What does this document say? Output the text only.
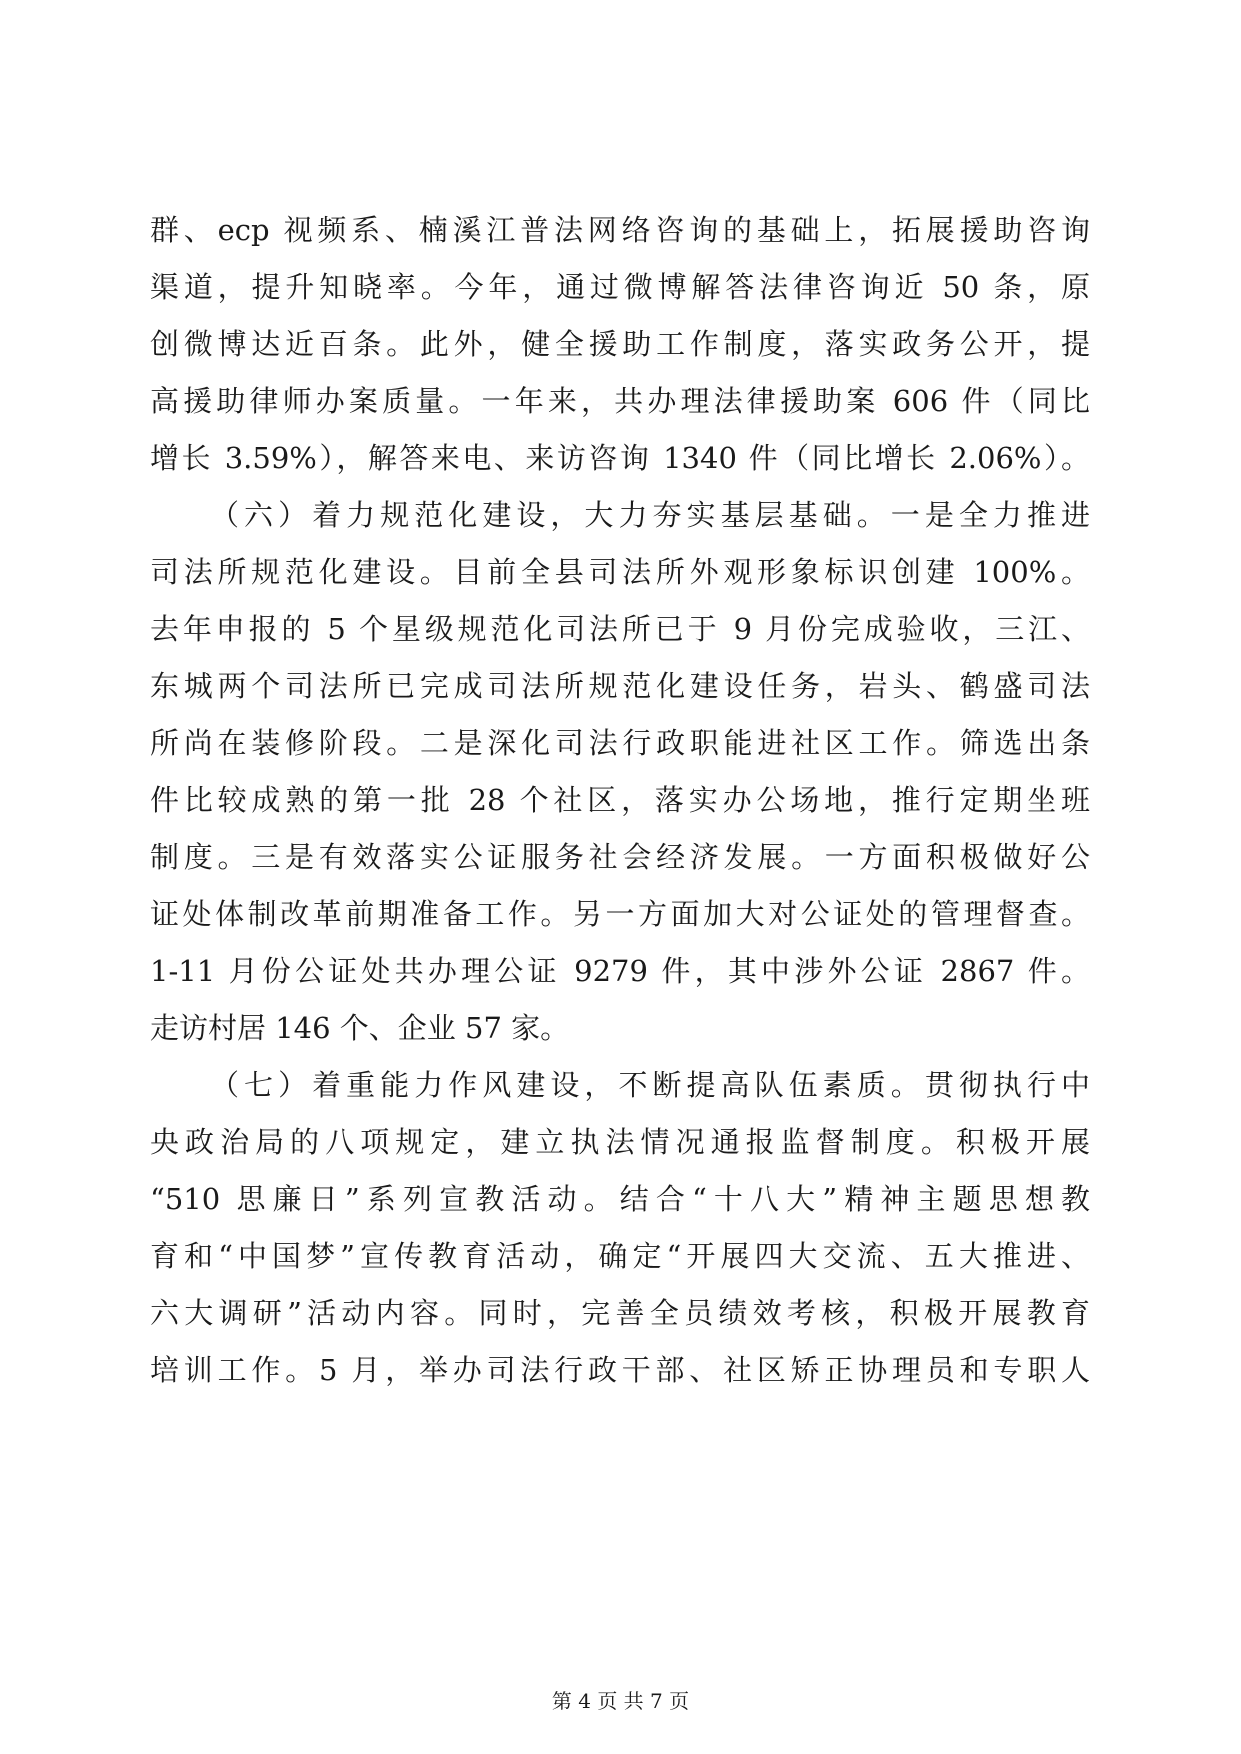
群、ecp 视频系、楠溪江普法网络咨询的基础上，拓展援助咨询
渠道，提升知晓率。今年，通过微博解答法律咨询近 50 条，原
创微博达近百条。此外，健全援助工作制度，落实政务公开，提
高援助律师办案质量。一年来，共办理法律援助案 606 件（同比
增长 3.59%），解答来电、来访咨询 1340 件（同比增长 2.06%）。
（六）着力规范化建设，大力夯实基层基础。一是全力推进
司法所规范化建设。目前全县司法所外观形象标识创建 100%。
去年申报的 5 个星级规范化司法所已于 9 月份完成验收，三江、
东城两个司法所已完成司法所规范化建设任务，岩头、鹤盛司法
所尚在装修阶段。二是深化司法行政职能进社区工作。筛选出条
件比较成熟的第一批 28 个社区，落实办公场地，推行定期坐班
制度。三是有效落实公证服务社会经济发展。一方面积极做好公
证处体制改革前期准备工作。另一方面加大对公证处的管理督查。
1-11 月份公证处共办理公证 9279 件，其中涉外公证 2867 件。
走访村居 146 个、企业 57 家。
（七）着重能力作风建设，不断提高队伍素质。贯彻执行中
央政治局的八项规定，建立执法情况通报监督制度。积极开展
“510 思廉日”系列宣教活动。结合“十八大”精神主题思想教
育和“中国梦”宣传教育活动，确定“开展四大交流、五大推进、
六大调研”活动内容。同时，完善全员绩效考核，积极开展教育
培训工作。5 月，举办司法行政干部、社区矫正协理员和专职人
第 4 页 共 7 页
